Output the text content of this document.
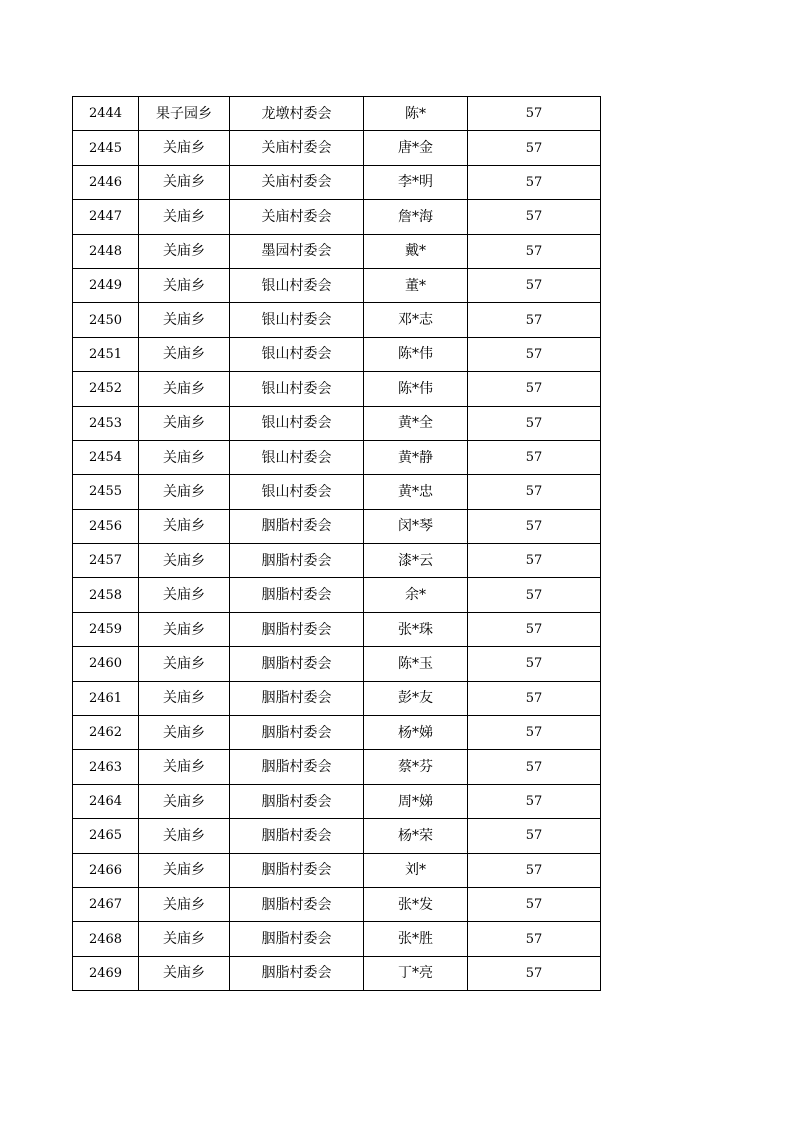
2444	果子园乡	龙墩村委会	陈*	57
2445	关庙乡	关庙村委会	唐*金	57
2446	关庙乡	关庙村委会	李*明	57
2447	关庙乡	关庙村委会	詹*海	57
2448	关庙乡	墨园村委会	戴*	57
2449	关庙乡	银山村委会	董*	57
2450	关庙乡	银山村委会	邓*志	57
2451	关庙乡	银山村委会	陈*伟	57
2452	关庙乡	银山村委会	陈*伟	57
2453	关庙乡	银山村委会	黄*全	57
2454	关庙乡	银山村委会	黄*静	57
2455	关庙乡	银山村委会	黄*忠	57
2456	关庙乡	胭脂村委会	闵*琴	57
2457	关庙乡	胭脂村委会	漆*云	57
2458	关庙乡	胭脂村委会	余*	57
2459	关庙乡	胭脂村委会	张*珠	57
2460	关庙乡	胭脂村委会	陈*玉	57
2461	关庙乡	胭脂村委会	彭*友	57
2462	关庙乡	胭脂村委会	杨*娣	57
2463	关庙乡	胭脂村委会	蔡*芬	57
2464	关庙乡	胭脂村委会	周*娣	57
2465	关庙乡	胭脂村委会	杨*荣	57
2466	关庙乡	胭脂村委会	刘*	57
2467	关庙乡	胭脂村委会	张*发	57
2468	关庙乡	胭脂村委会	张*胜	57
2469	关庙乡	胭脂村委会	丁*亮	57
